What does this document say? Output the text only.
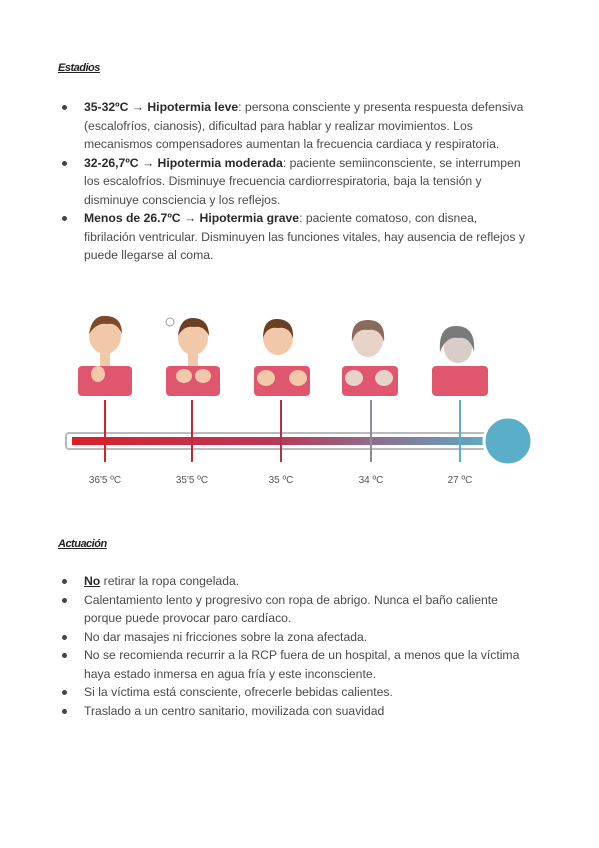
Estadios
35-32ºC → Hipotermia leve: persona consciente y presenta respuesta defensiva (escalofríos, cianosis), dificultad para hablar y realizar movimientos. Los mecanismos compensadores aumentan la frecuencia cardiaca y respiratoria.
32-26,7ºC → Hipotermia moderada: paciente semiinconsciente, se interrumpen los escalofríos. Disminuye frecuencia cardiorrespiratoria, baja la tensión y disminuye consciencia y los reflejos.
Menos de 26.7ºC → Hipotermia grave: paciente comatoso, con disnea, fibrilación ventricular. Disminuyen las funciones vitales, hay ausencia de reflejos y puede llegarse al coma.
36'5 ºC	35'5 ºC	35 ºC	34 ºC	27 ºC
Actuación
No retirar la ropa congelada.
Calentamiento lento y progresivo con ropa de abrigo. Nunca el baño caliente porque puede provocar paro cardíaco.
No dar masajes ni fricciones sobre la zona afectada.
No se recomienda recurrir a la RCP fuera de un hospital, a menos que la víctima haya estado inmersa en agua fría y este inconsciente.
Si la víctima está consciente, ofrecerle bebidas calientes.
Traslado a un centro sanitario, movilizada con suavidad
